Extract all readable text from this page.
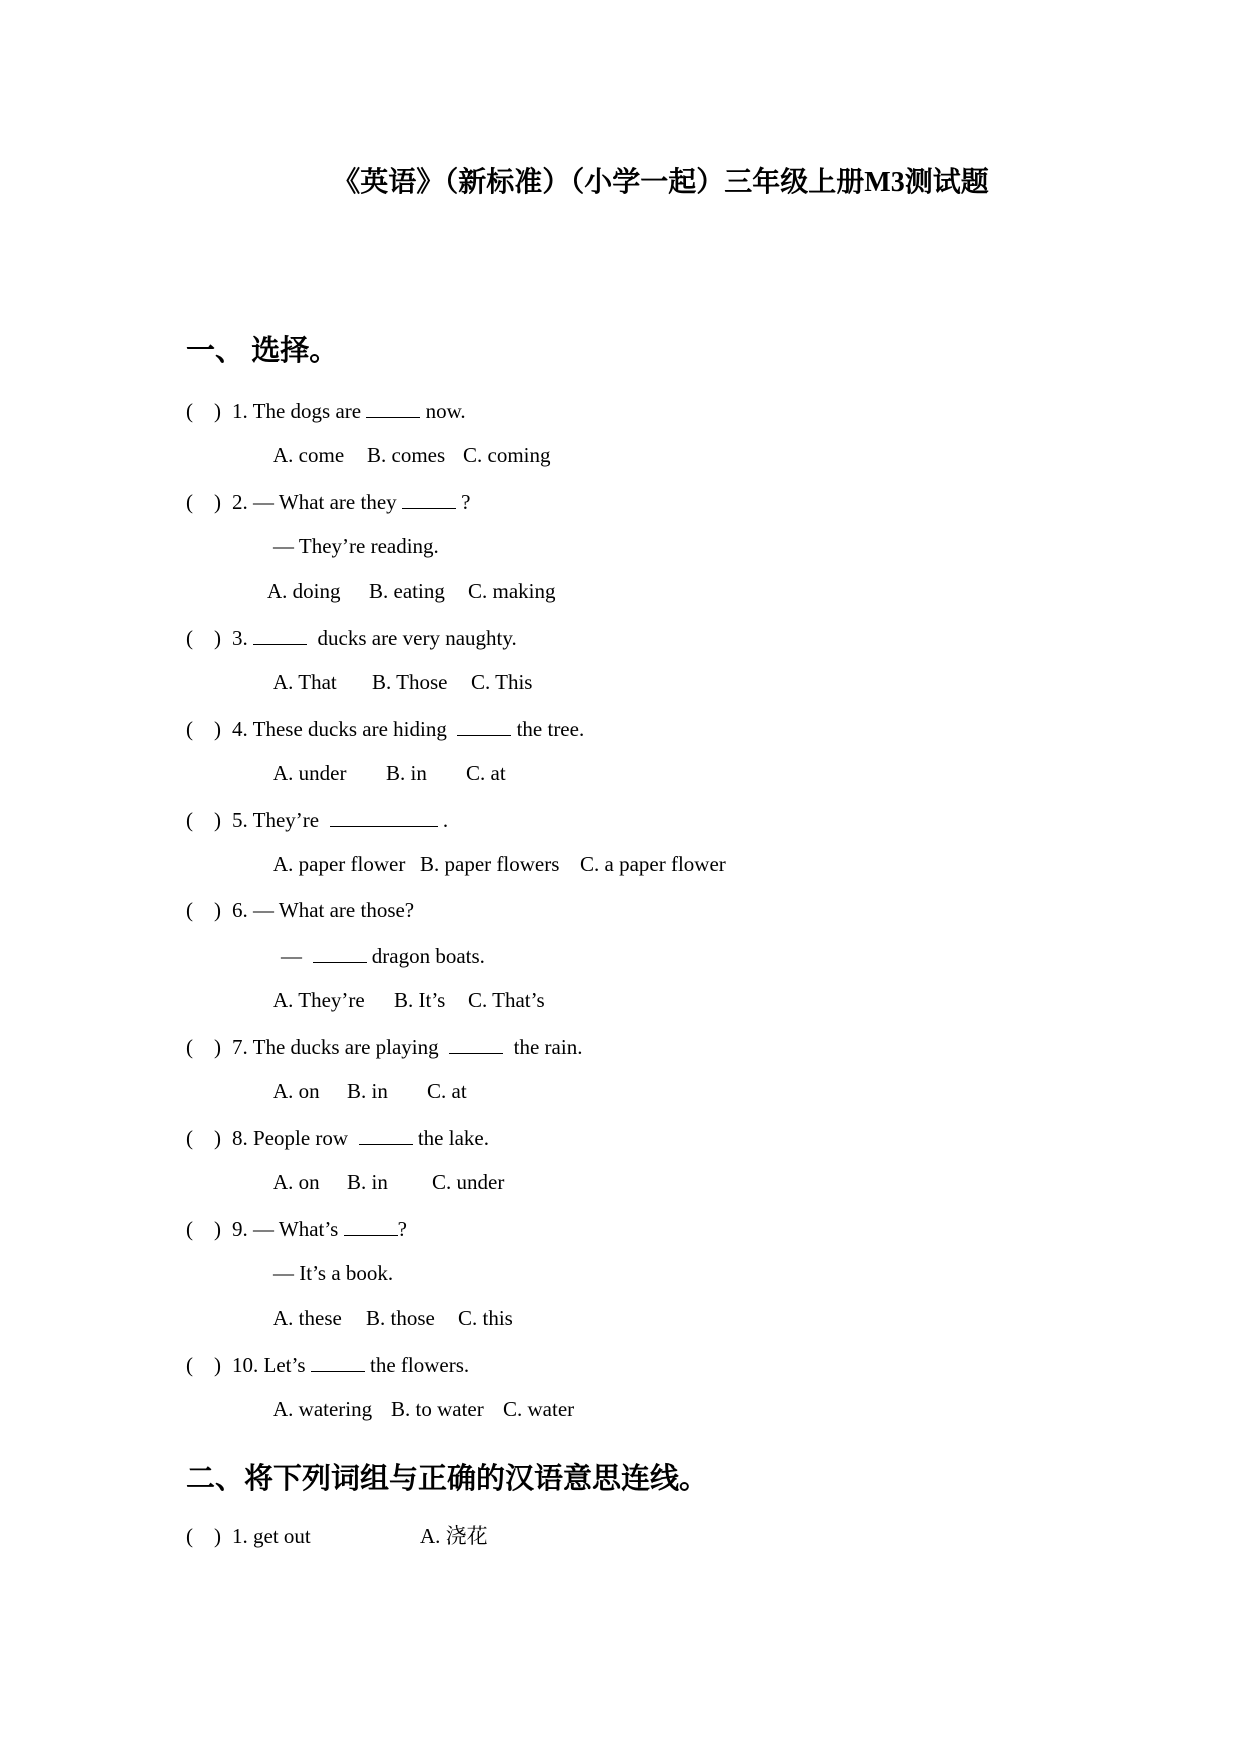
《英语》（新标准）（小学一起）三年级上册M3测试题
一、 选择。
(    ) 1. The dogs are	now.
A. come B. comes C. coming
(    ) 2. — What are they	?
— They’re reading.
A. doing B. eating C. making
(    ) 3.	ducks are very naughty.
A. That B. Those C. This
(    ) 4. These ducks are hiding	the tree.
A. under B. in C. at
(    ) 5. They’re	.
A. paper flower B. paper flowers C. a paper flower
(    ) 6. — What are those?
—	dragon boats.
A. They’re B. It’s C. That’s
(    ) 7. The ducks are playing	the rain.
A. on B. in C. at
(    ) 8. People row	the lake.
A. on B. in C. under
(    ) 9. — What’s	?
— It’s a book.
A. these B. those C. this
(    ) 10. Let’s	the flowers.
A. watering B. to water C. water
二、将下列词组与正确的汉语意思连线。
(    ) 1. get out	A. 浇花
